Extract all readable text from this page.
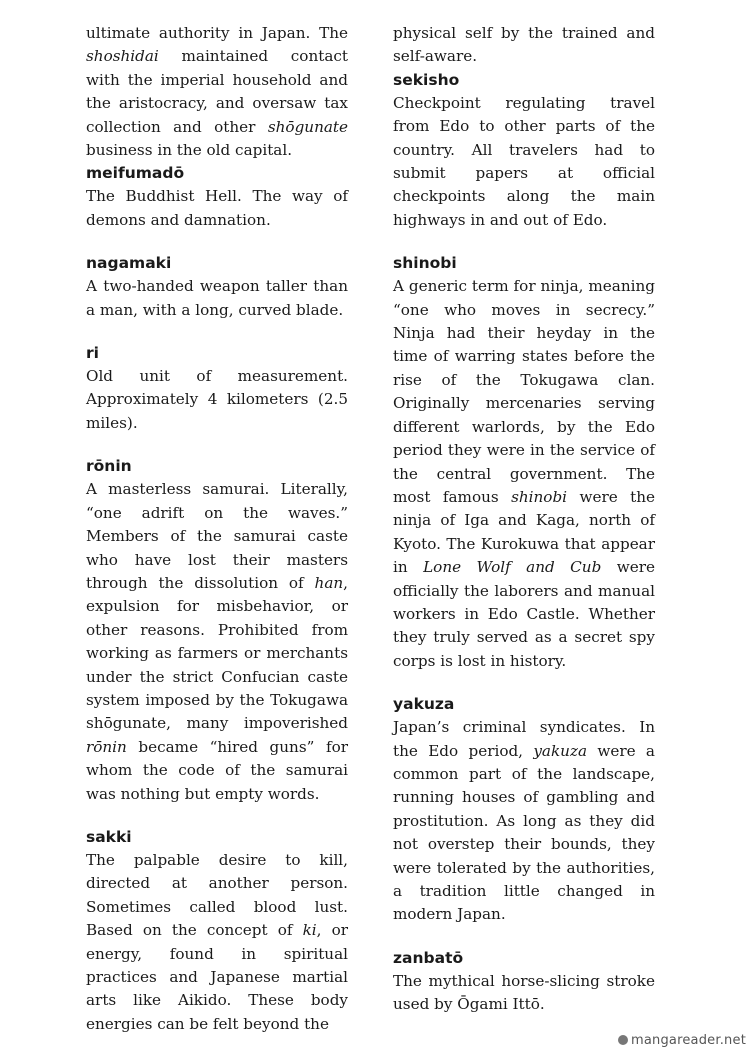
ultimate authority in Japan. The shoshidai maintained contact with the imperial household and the aristocracy, and oversaw tax collection and other shōgunate business in the old capital.

meifumadō

The Buddhist Hell. The way of demons and damnation.

nagamaki

A two-handed weapon taller than a man, with a long, curved blade.

ri

Old unit of measurement. Approximately 4 kilometers (2.5 miles).

rōnin

A masterless samurai. Literally, “one adrift on the waves.” Members of the samurai caste who have lost their masters through the dissolution of han, expulsion for misbehavior, or other reasons. Prohibited from working as farmers or merchants under the strict Confucian caste system imposed by the Tokugawa shōgunate, many impoverished rōnin became “hired guns” for whom the code of the samurai was nothing but empty words.

sakki

The palpable desire to kill, directed at another person. Sometimes called blood lust. Based on the concept of ki, or energy, found in spiritual practices and Japanese martial arts like Aikido. These body energies can be felt beyond the

physical self by the trained and self-aware.

sekisho

Checkpoint regulating travel from Edo to other parts of the country. All travelers had to submit papers at official checkpoints along the main highways in and out of Edo.

shinobi

A generic term for ninja, meaning “one who moves in secrecy.” Ninja had their heyday in the time of warring states before the rise of the Tokugawa clan. Originally mercenaries serving different warlords, by the Edo period they were in the service of the central government. The most famous shinobi were the ninja of Iga and Kaga, north of Kyoto. The Kurokuwa that appear in Lone Wolf and Cub were officially the laborers and manual workers in Edo Castle. Whether they truly served as a secret spy corps is lost in history.

yakuza

Japan’s criminal syndicates. In the Edo period, yakuza were a common part of the landscape, running houses of gambling and prostitution. As long as they did not overstep their bounds, they were tolerated by the authorities, a tradition little changed in modern Japan.

zanbatō

The mythical horse-slicing stroke used by Ōgami Ittō.

mangareader.net
